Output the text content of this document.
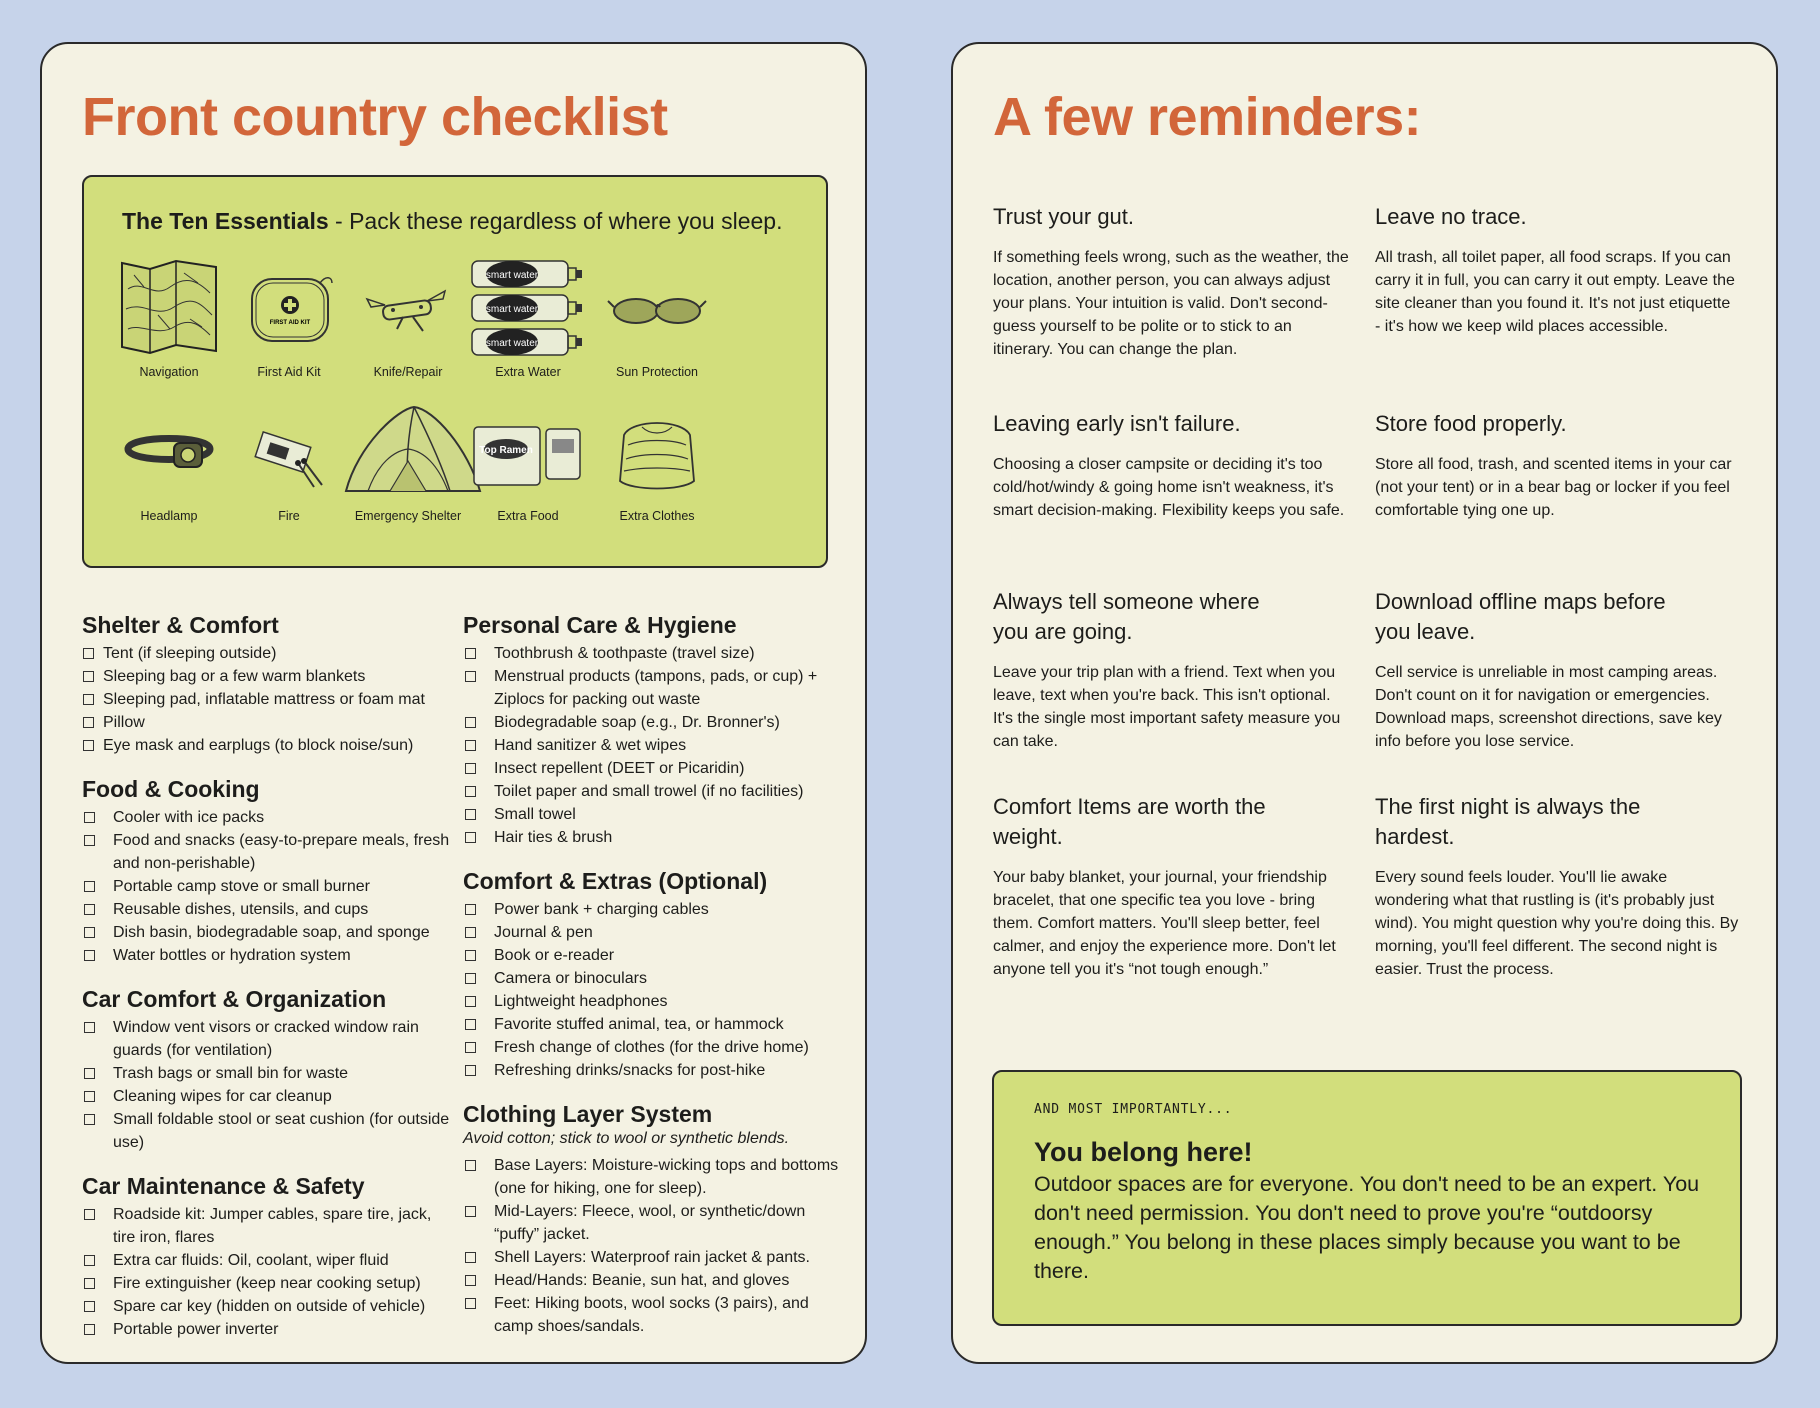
Front country checklist
The Ten Essentials - Pack these regardless of where you sleep.
Navigation
FIRST AID KIT
First Aid Kit	Knife/Repair
smart water
smart water
smart water
Extra Water	Sun Protection
Headlamp	Fire	Emergency Shelter
Top Ramen
Extra Food	Extra Clothes
Shelter & Comfort
Tent (if sleeping outside)
Sleeping bag or a few warm blankets
Sleeping pad, inflatable mattress or foam mat
Pillow
Eye mask and earplugs (to block noise/sun)
Food & Cooking
Cooler with ice packs
Food and snacks (easy-to-prepare meals, fresh and non-perishable)
Portable camp stove or small burner
Reusable dishes, utensils, and cups
Dish basin, biodegradable soap, and sponge
Water bottles or hydration system
Car Comfort & Organization
Window vent visors or cracked window rain guards (for ventilation)
Trash bags or small bin for waste
Cleaning wipes for car cleanup
Small foldable stool or seat cushion (for outside use)
Car Maintenance & Safety
Roadside kit: Jumper cables, spare tire, jack, tire iron, flares
Extra car fluids: Oil, coolant, wiper fluid
Fire extinguisher (keep near cooking setup)
Spare car key (hidden on outside of vehicle)
Portable power inverter
Personal Care & Hygiene
Toothbrush & toothpaste (travel size)
Menstrual products (tampons, pads, or cup) + Ziplocs for packing out waste
Biodegradable soap (e.g., Dr. Bronner's)
Hand sanitizer & wet wipes
Insect repellent (DEET or Picaridin)
Toilet paper and small trowel (if no facilities)
Small towel
Hair ties & brush
Comfort & Extras (Optional)
Power bank + charging cables
Journal & pen
Book or e-reader
Camera or binoculars
Lightweight headphones
Favorite stuffed animal, tea, or hammock
Fresh change of clothes (for the drive home)
Refreshing drinks/snacks for post-hike
Clothing Layer System
Avoid cotton; stick to wool or synthetic blends.
Base Layers: Moisture-wicking tops and bottoms (one for hiking, one for sleep).
Mid-Layers: Fleece, wool, or synthetic/down “puffy” jacket.
Shell Layers: Waterproof rain jacket & pants.
Head/Hands: Beanie, sun hat, and gloves
Feet: Hiking boots, wool socks (3 pairs), and camp shoes/sandals.
A few reminders:
Trust your gut.

If something feels wrong, such as the weather, the location, another person, you can always adjust your plans. Your intuition is valid. Don't second-guess yourself to be polite or to stick to an itinerary. You can change the plan.

Leave no trace.

All trash, all toilet paper, all food scraps. If you can carry it in full, you can carry it out empty. Leave the site cleaner than you found it. It's not just etiquette - it's how we keep wild places accessible.

Leaving early isn't failure.

Choosing a closer campsite or deciding it's too cold/hot/windy & going home isn't weakness, it's smart decision-making. Flexibility keeps you safe.

Store food properly.

Store all food, trash, and scented items in your car (not your tent) or in a bear bag or locker if you feel comfortable tying one up.

Always tell someone where you are going.

Leave your trip plan with a friend. Text when you leave, text when you're back. This isn't optional. It's the single most important safety measure you can take.

Download offline maps before you leave.

Cell service is unreliable in most camping areas. Don't count on it for navigation or emergencies. Download maps, screenshot directions, save key info before you lose service.

Comfort Items are worth the weight.

Your baby blanket, your journal, your friendship bracelet, that one specific tea you love - bring them. Comfort matters. You'll sleep better, feel calmer, and enjoy the experience more. Don't let anyone tell you it's “not tough enough.”

The first night is always the hardest.

Every sound feels louder. You'll lie awake wondering what that rustling is (it's probably just wind). You might question why you're doing this. By morning, you'll feel different. The second night is easier. Trust the process.

AND MOST IMPORTANTLY...
You belong here!
Outdoor spaces are for everyone. You don't need to be an expert. You don't need permission. You don't need to prove you're “outdoorsy enough.” You belong in these places simply because you want to be there.
